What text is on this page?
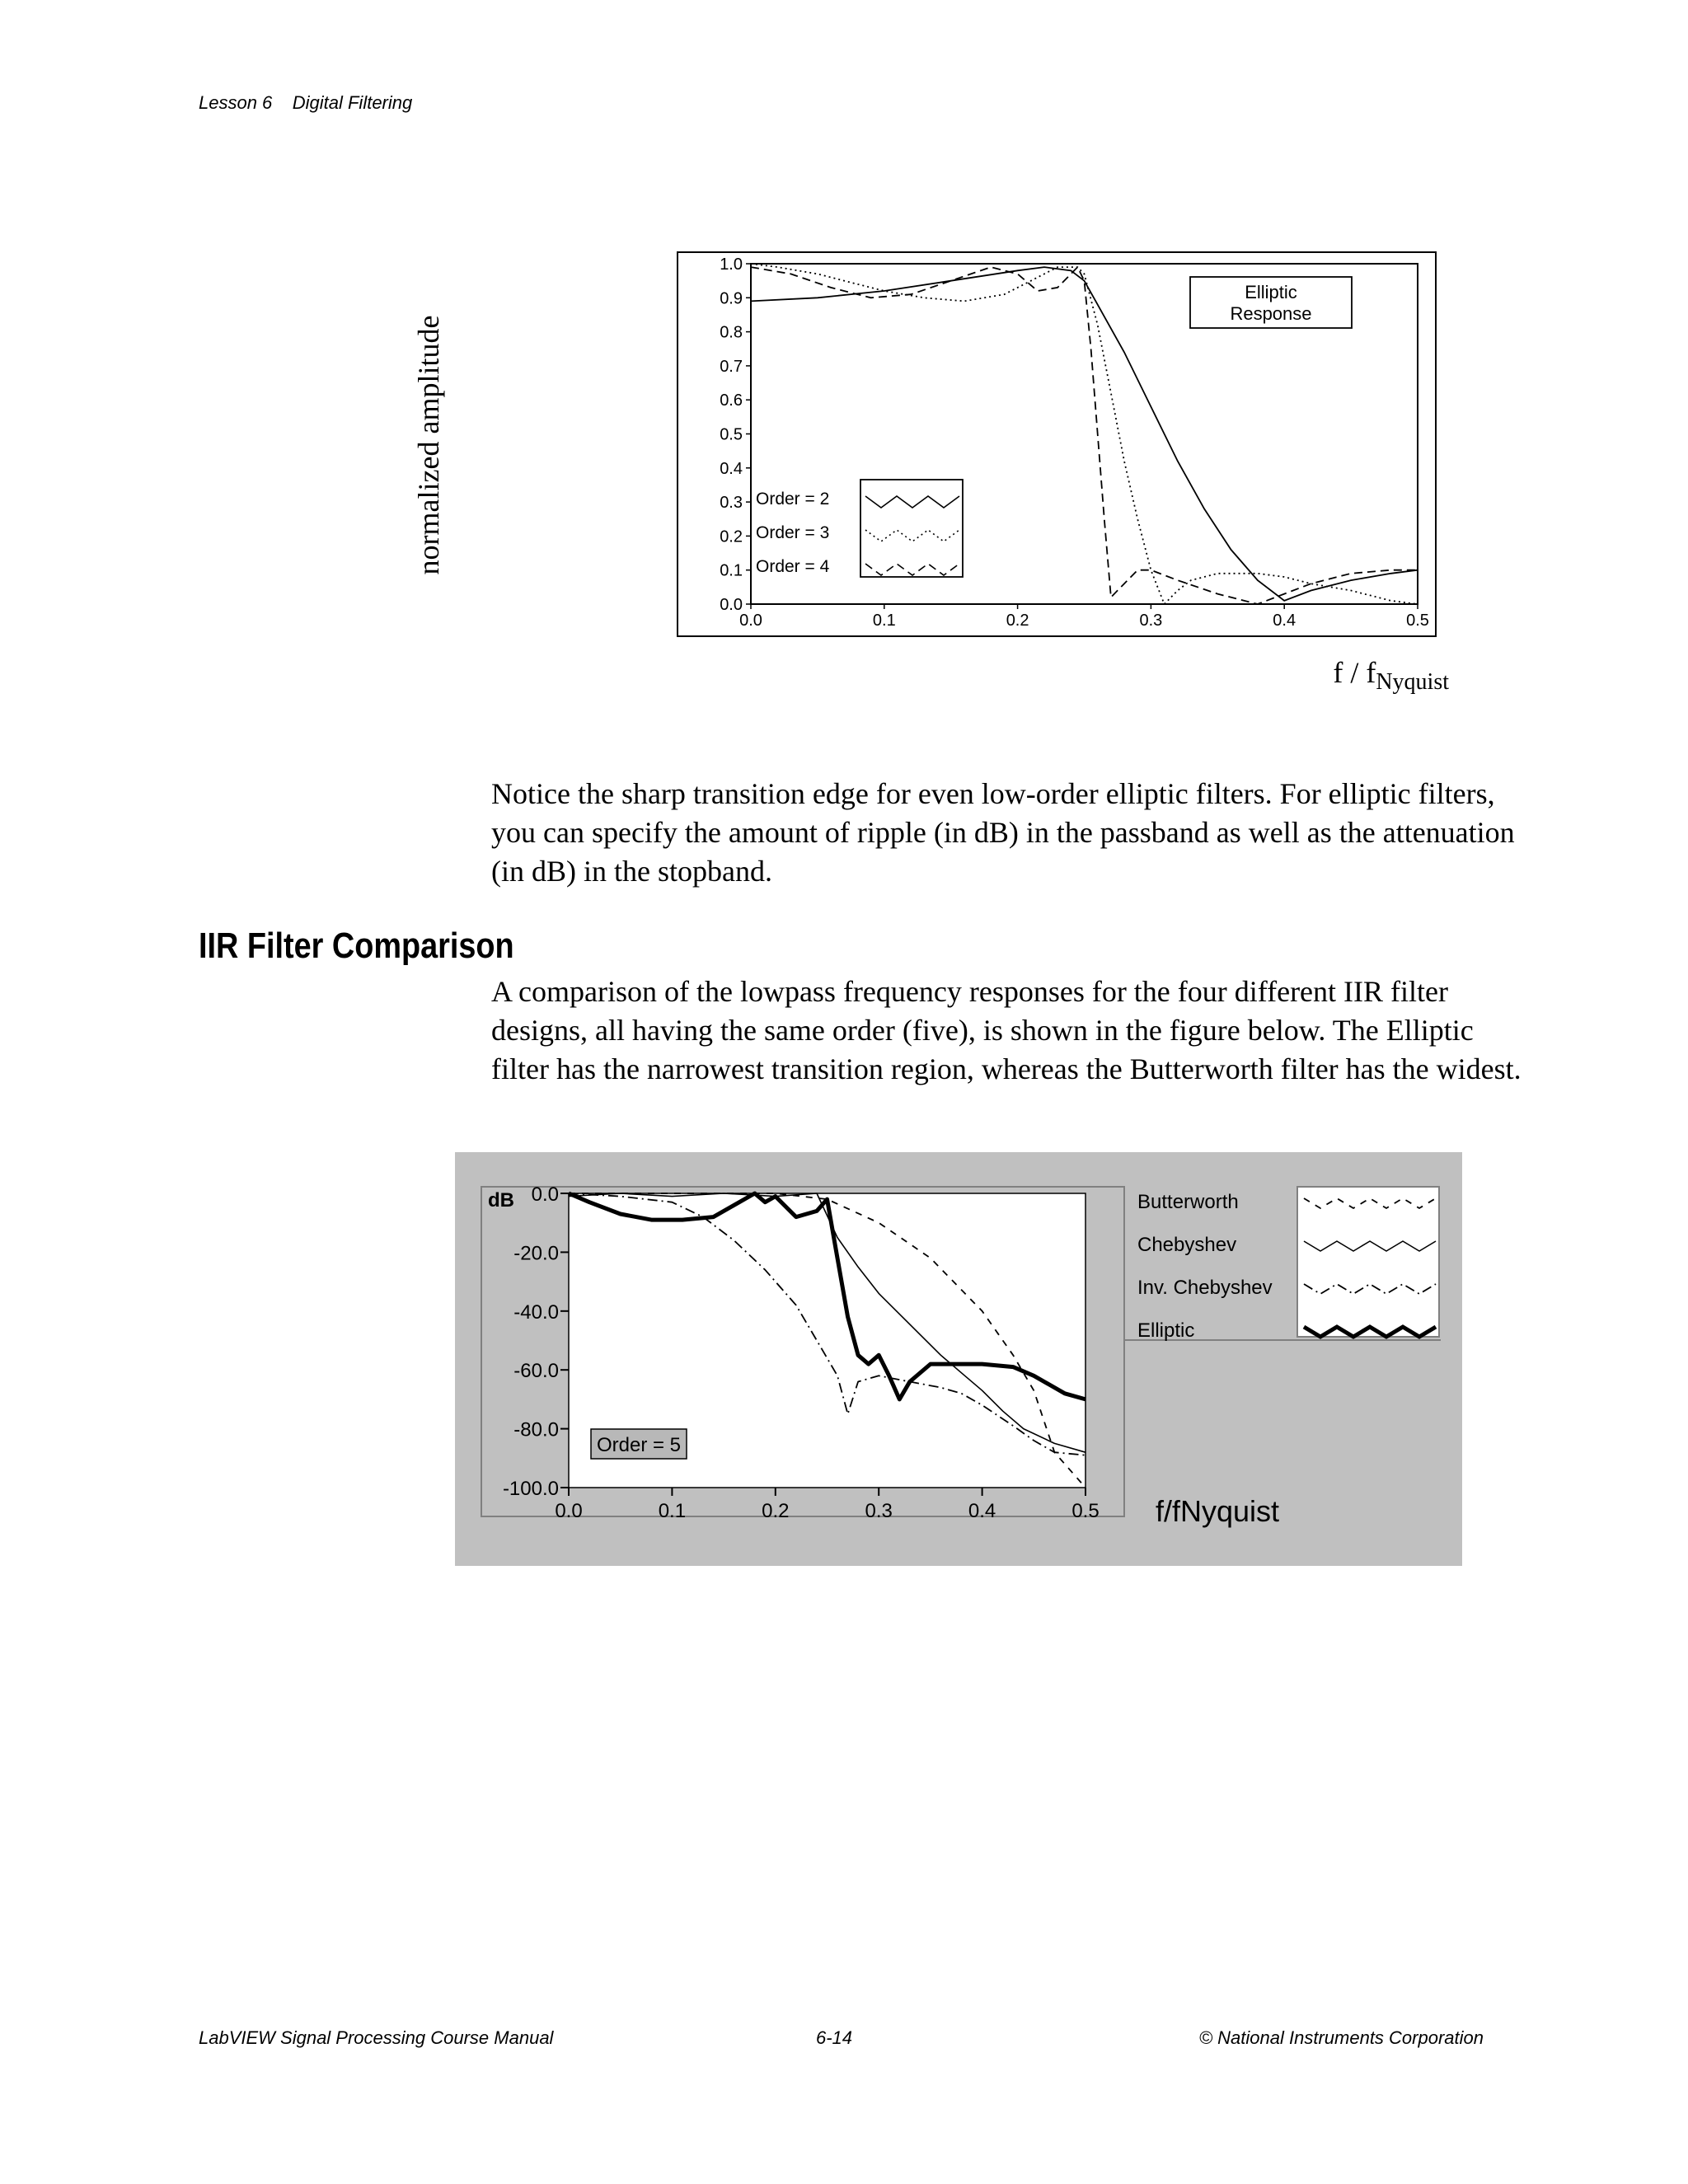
Lesson 6 Digital Filtering
normalized amplitude
0.0
0.1
0.2
0.3
0.4
0.5
0.6
0.7
0.8
0.9
1.0
0.0	0.1	0.2	0.3	0.4	0.5
Elliptic
Response
Order = 2
Order = 3
Order = 4
f / $f_{Nyquist}$

Notice the sharp transition edge for even low-order elliptic filters. For elliptic filters, you can specify the amount of ripple (in dB) in the passband as well as the attenuation (in dB) in the stopband.

IIR Filter Comparison

A comparison of the lowpass frequency responses for the four different IIR filter designs, all having the same order (five), is shown in the figure below. The Elliptic filter has the narrowest transition region, whereas the Butterworth filter has the widest.

dB 0.0
-20.0
-40.0
-60.0
-80.0
-100.0
0.0	0.1	0.2	0.3	0.4	0.5
Order = 5
Butterworth
Chebyshev
Inv. Chebyshev
Elliptic
f/fNyquist
LabVIEW Signal Processing Course Manual	6-14	© National Instruments Corporation
